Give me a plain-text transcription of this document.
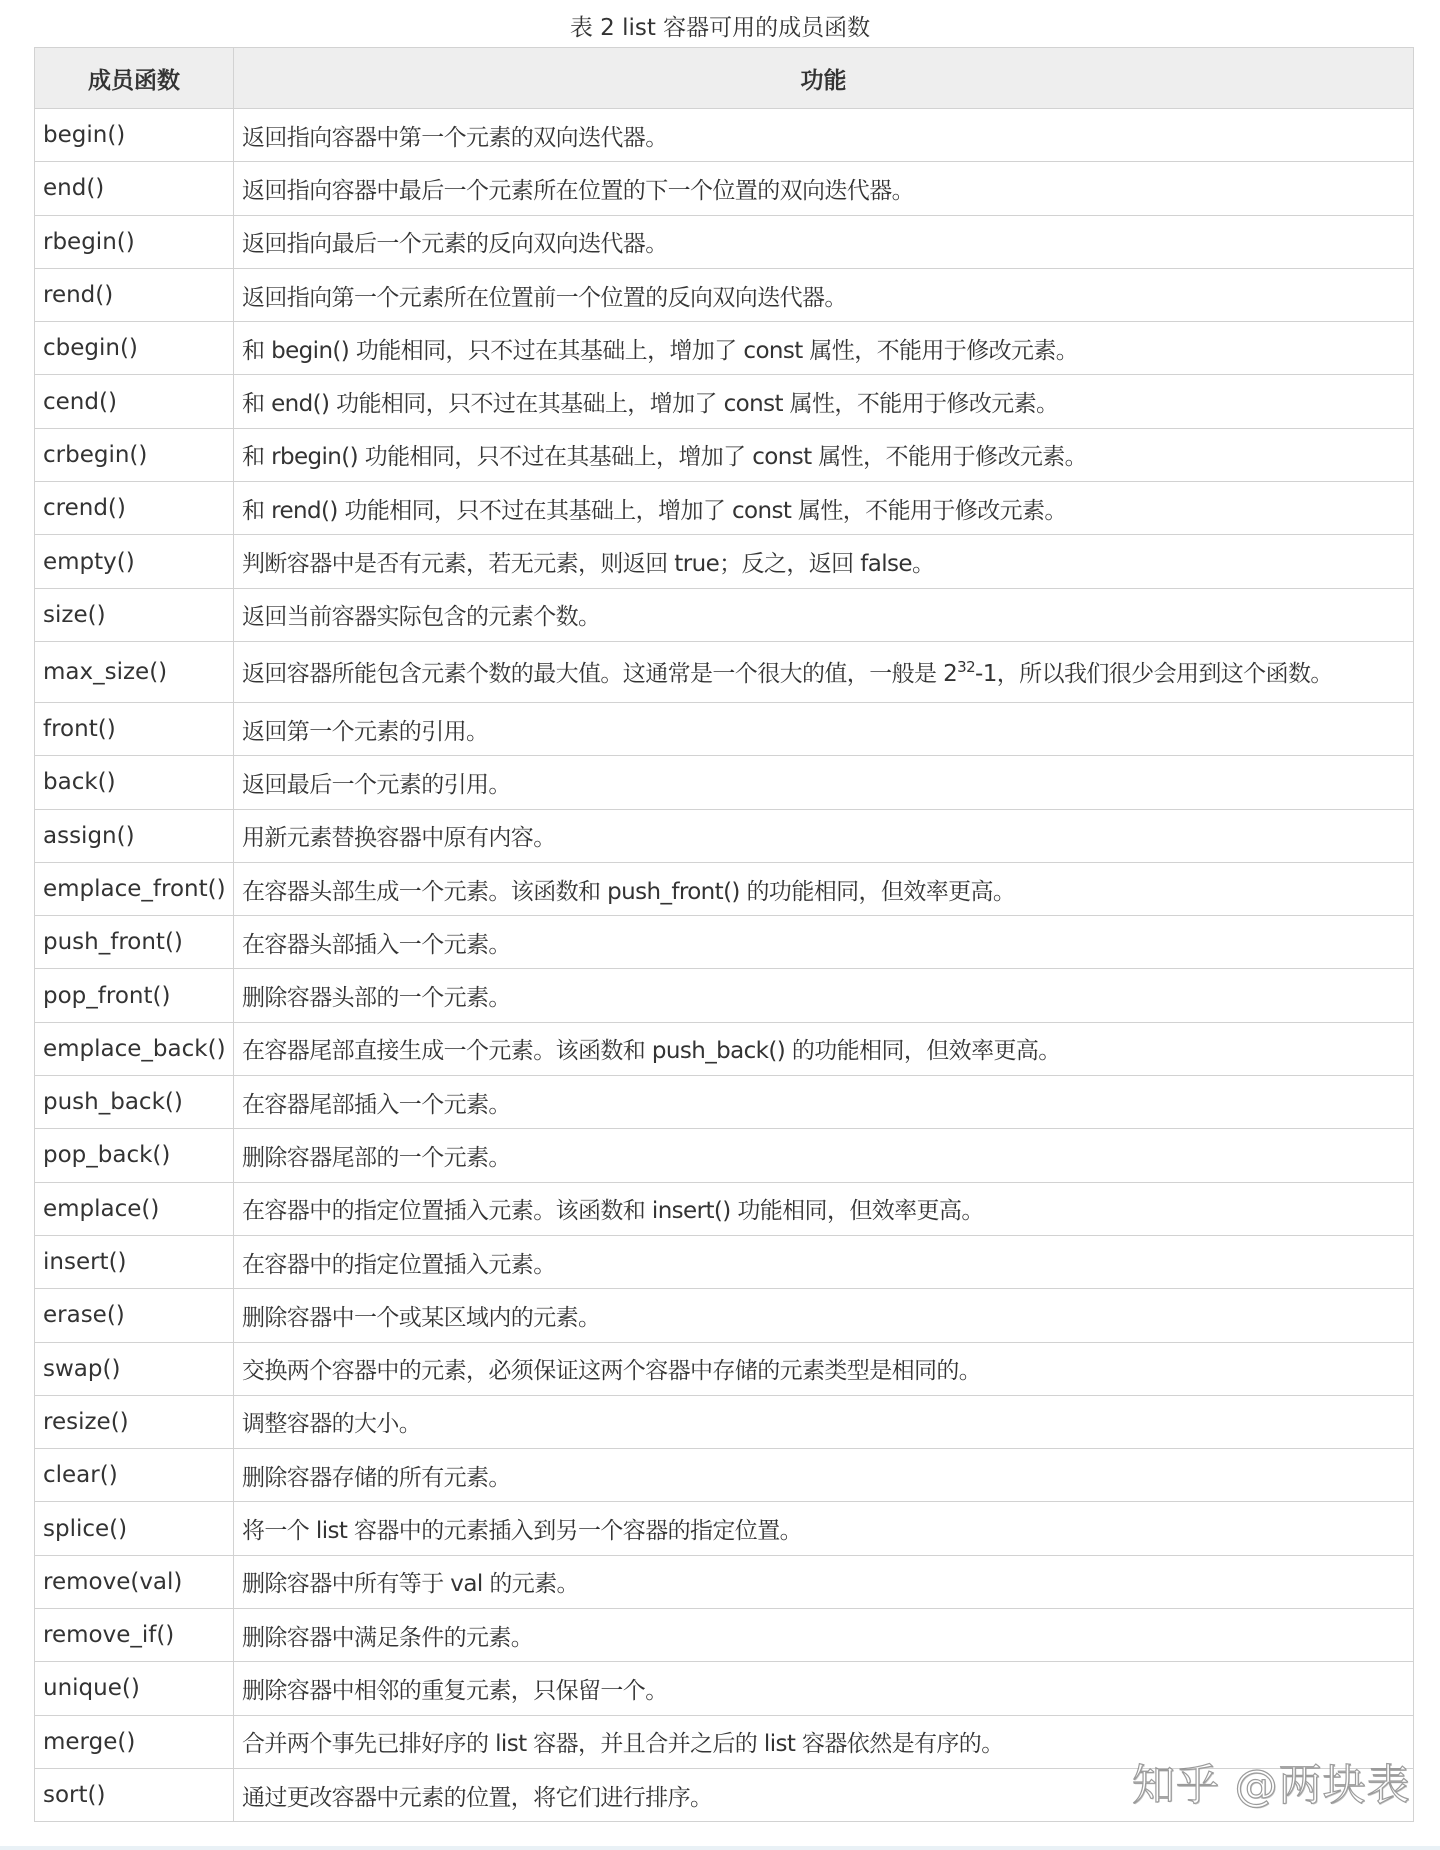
表 2 list 容器可用的成员函数
成员函数	功能
begin()	返回指向容器中第一个元素的双向迭代器。
end()	返回指向容器中最后一个元素所在位置的下一个位置的双向迭代器。
rbegin()	返回指向最后一个元素的反向双向迭代器。
rend()	返回指向第一个元素所在位置前一个位置的反向双向迭代器。
cbegin()	和 begin() 功能相同，只不过在其基础上，增加了 const 属性，不能用于修改元素。
cend()	和 end() 功能相同，只不过在其基础上，增加了 const 属性，不能用于修改元素。
crbegin()	和 rbegin() 功能相同，只不过在其基础上，增加了 const 属性，不能用于修改元素。
crend()	和 rend() 功能相同，只不过在其基础上，增加了 const 属性，不能用于修改元素。
empty()	判断容器中是否有元素，若无元素，则返回 true；反之，返回 false。
size()	返回当前容器实际包含的元素个数。
max_size()	返回容器所能包含元素个数的最大值。这通常是一个很大的值，一般是 $2^{32}-1$，所以我们很少会用到这个函数。
front()	返回第一个元素的引用。
back()	返回最后一个元素的引用。
assign()	用新元素替换容器中原有内容。
emplace_front()	在容器头部生成一个元素。该函数和 push_front() 的功能相同，但效率更高。
push_front()	在容器头部插入一个元素。
pop_front()	删除容器头部的一个元素。
emplace_back()	在容器尾部直接生成一个元素。该函数和 push_back() 的功能相同，但效率更高。
push_back()	在容器尾部插入一个元素。
pop_back()	删除容器尾部的一个元素。
emplace()	在容器中的指定位置插入元素。该函数和 insert() 功能相同，但效率更高。
insert()	在容器中的指定位置插入元素。
erase()	删除容器中一个或某区域内的元素。
swap()	交换两个容器中的元素，必须保证这两个容器中存储的元素类型是相同的。
resize()	调整容器的大小。
clear()	删除容器存储的所有元素。
splice()	将一个 list 容器中的元素插入到另一个容器的指定位置。
remove(val)	删除容器中所有等于 val 的元素。
remove_if()	删除容器中满足条件的元素。
unique()	删除容器中相邻的重复元素，只保留一个。
merge()	合并两个事先已排好序的 list 容器，并且合并之后的 list 容器依然是有序的。
sort()	通过更改容器中元素的位置，将它们进行排序。	知乎 @两块表
